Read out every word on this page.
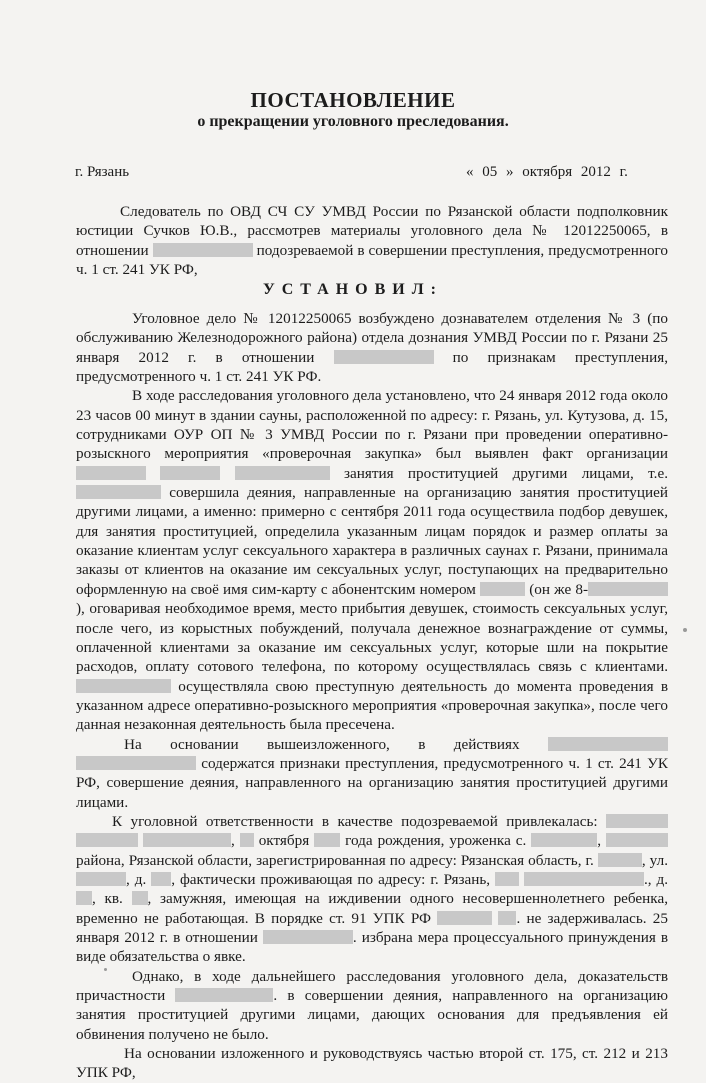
ПОСТАНОВЛЕНИЕ
о прекращении уголовного преследования.
г. Рязань	« 05 » октября 2012 г.

Следователь по ОВД СЧ СУ УМВД России по Рязанской области подполковник юстиции Сучков Ю.В., рассмотрев материалы уголовного дела № 12012250065, в отношении	подозреваемой в совершении преступления, предусмотренного ч. 1 ст. 241 УК РФ,

УСТАНОВИЛ:

Уголовное дело № 12012250065 возбуждено дознавателем отделения № 3 (по обслуживанию Железнодорожного района) отдела дознания УМВД России по г. Рязани 25 января 2012 г. в отношении	по признакам преступления, предусмотренного ч. 1 ст. 241 УК РФ.

В ходе расследования уголовного дела установлено, что 24 января 2012 года около 23 часов 00 минут в здании сауны, расположенной по адресу: г. Рязань, ул. Кутузова, д. 15, сотрудниками ОУР ОП № 3 УМВД России по г. Рязани при проведении оперативно-розыскного мероприятия «проверочная закупка» был выявлен факт организации    занятия проституцией другими лицами, т.е.  совершила деяния, направленные на организацию занятия проституцией другими лицами, а именно: примерно с сентября 2011 года осуществила подбор девушек, для занятия проституцией, определила указанным лицам порядок и размер оплаты за оказание клиентам услуг сексуального характера в различных саунах г. Рязани, принимала заказы от клиентов на оказание им сексуальных услуг, поступающих на предварительно оформленную на своё имя сим-карту с абонентским номером	(он же 8-), оговаривая необходимое время, место прибытия девушек, стоимость сексуальных услуг, после чего, из корыстных побуждений, получала денежное вознаграждение от суммы, оплаченной клиентами за оказание им сексуальных услуг, которые шли на покрытие расходов, оплату сотового телефона, по которому осуществлялась связь с клиентами.  осуществляла свою преступную деятельность до момента проведения в указанном адресе оперативно-розыскного мероприятия «проверочная закупка», после чего данная незаконная деятельность была пресечена.

На основании вышеизложенного, в действиях   содержатся признаки преступления, предусмотренного ч. 1 ст. 241 УК РФ, совершение деяния, направленного на организацию занятия проституцией другими лицами.

К уголовной ответственности в качестве подозреваемой привлекалась:   ,  октября года рождения, уроженка с.	,  района, Рязанской области, зарегистрированная по адресу: Рязанская область, г.	, ул. , д. , фактически проживающая по адресу: г. Рязань,	., д. , кв. , замужняя, имеющая на иждивении одного несовершеннолетнего ребенка, временно не работающая. В порядке ст. 91 УПК РФ	. не задерживалась. 25 января 2012 г. в отношении	. избрана мера процессуального принуждения в виде обязательства о явке.

Однако, в ходе дальнейшего расследования уголовного дела, доказательств причастности	. в совершении деяния, направленного на организацию занятия проституцией другими лицами, дающих основания для предъявления ей обвинения получено не было.

На основании изложенного и руководствуясь частью второй ст. 175, ст. 212 и 213 УПК РФ,
